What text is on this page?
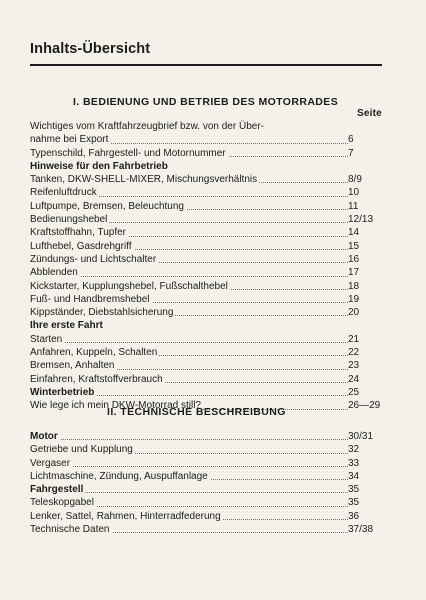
Inhalts-Übersicht
I. BEDIENUNG UND BETRIEB DES MOTORRADES
Seite
Wichtiges vom Kraftfahrzeugbrief bzw. von der Über-
nahme bei Export	6
Typenschild, Fahrgestell- und Motornummer	7
Hinweise für den Fahrbetrieb
Tanken, DKW-SHELL-MIXER, Mischungsverhältnis	8/9
Reifenluftdruck	10
Luftpumpe, Bremsen, Beleuchtung	11
Bedienungshebel	12/13
Kraftstoffhahn, Tupfer	14
Lufthebel, Gasdrehgriff	15
Zündungs- und Lichtschalter	16
Abblenden	17
Kickstarter, Kupplungshebel, Fußschalthebel	18
Fuß- und Handbremshebel	19
Kippständer, Diebstahlsicherung	20
Ihre erste Fahrt
Starten	21
Anfahren, Kuppeln, Schalten	22
Bremsen, Anhalten	23
Einfahren, Kraftstoffverbrauch	24
Winterbetrieb	25
Wie lege ich mein DKW-Motorrad still?	26—29
II. TECHNISCHE BESCHREIBUNG
Motor	30/31
Getriebe und Kupplung	32
Vergaser	33
Lichtmaschine, Zündung, Auspuffanlage	34
Fahrgestell	35
Teleskopgabel	35
Lenker, Sattel, Rahmen, Hinterradfederung	36
Technische Daten	37/38
